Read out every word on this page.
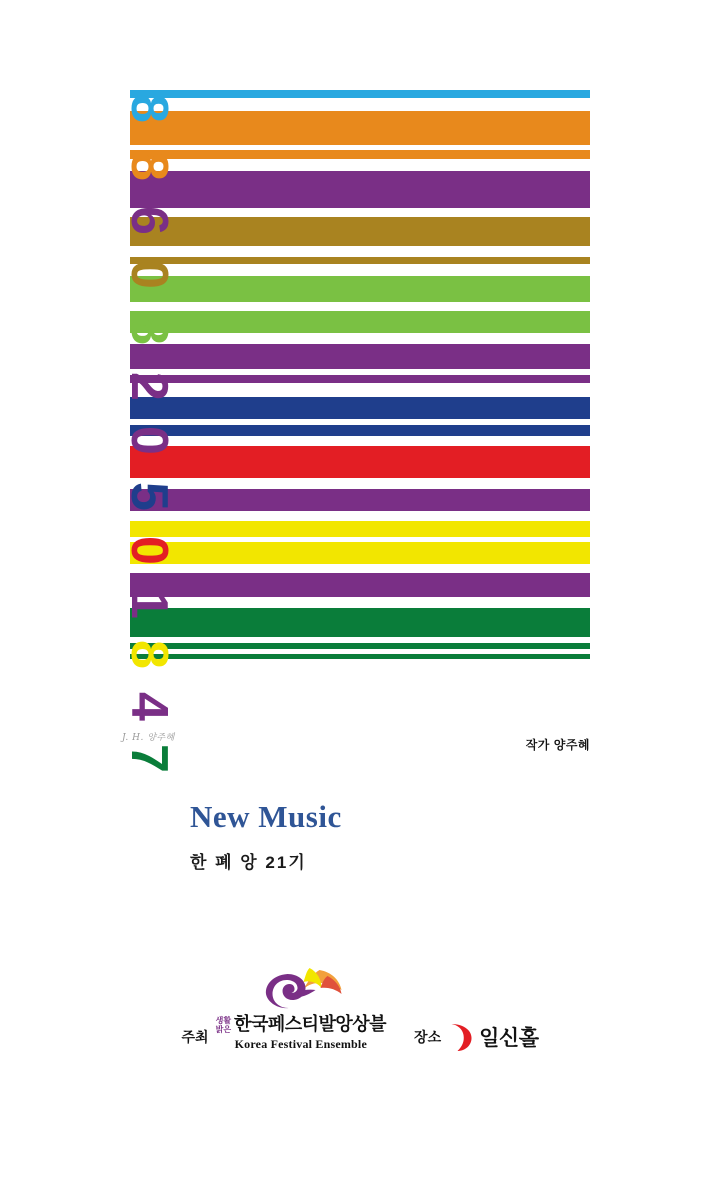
8
8
6
0
8
2
0
5
0
1
8
4
7
J. H. 양주혜	작가 양주혜
New Music

한 폐 앙 21기

주최
생활
밝은 한국페스티발앙상블
Korea Festival Ensemble	장소 일신홀
